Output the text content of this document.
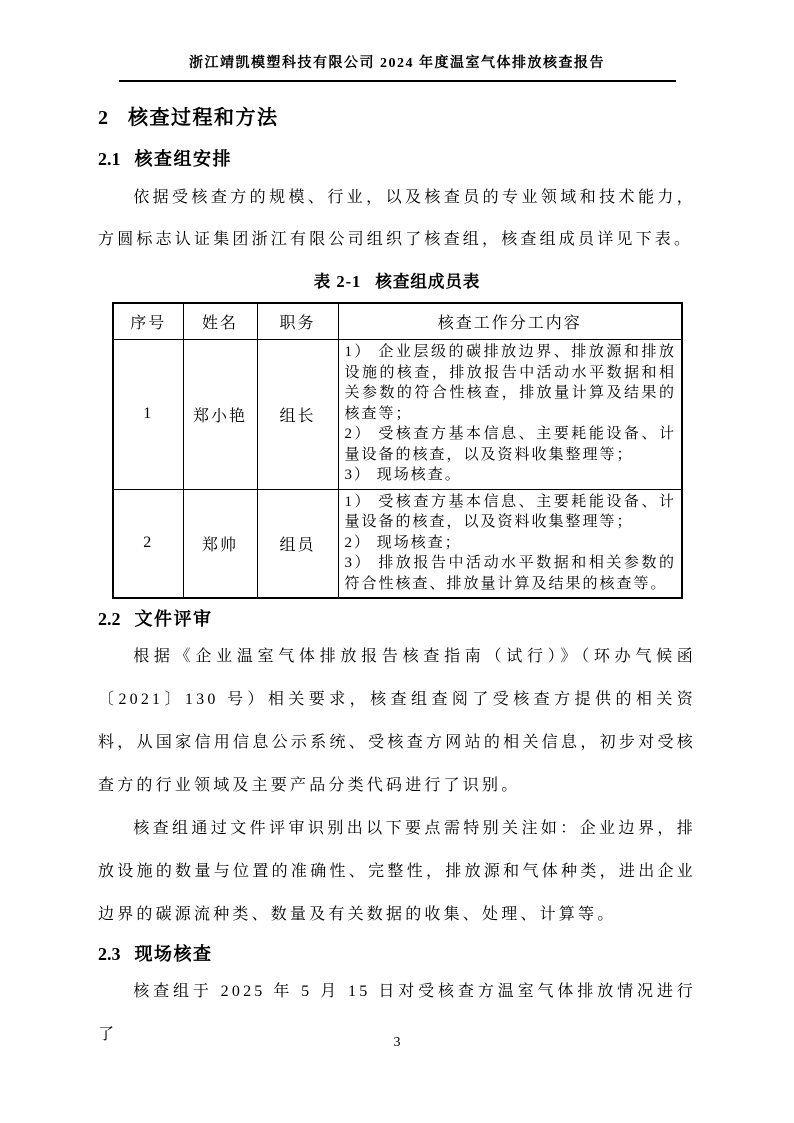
浙江靖凯模塑科技有限公司 2024 年度温室气体排放核查报告
2 核查过程和方法
2.1 核查组安排

依据受核查方的规模、行业，以及核查员的专业领域和技术能力，方圆标志认证集团浙江有限公司组织了核查组，核查组成员详见下表。

表 2-1 核查组成员表
序号	姓名	职务	核查工作分工内容
1	郑小艳	组长	1） 企业层级的碳排放边界、排放源和排放设施的核查，排放报告中活动水平数据和相关参数的符合性核查，排放量计算及结果的核查等；
2） 受核查方基本信息、主要耗能设备、计量设备的核查，以及资料收集整理等；
3） 现场核查。

2	郑帅	组员	1） 受核查方基本信息、主要耗能设备、计量设备的核查，以及资料收集整理等；
2） 现场核查；
3） 排放报告中活动水平数据和相关参数的符合性核查、排放量计算及结果的核查等。
2.2 文件评审

根据《企业温室气体排放报告核查指南（试行）》（环办气候函〔2021〕130 号）相关要求，核查组查阅了受核查方提供的相关资料，从国家信用信息公示系统、受核查方网站的相关信息，初步对受核查方的行业领域及主要产品分类代码进行了识别。

核查组通过文件评审识别出以下要点需特别关注如：企业边界，排放设施的数量与位置的准确性、完整性，排放源和气体种类，进出企业边界的碳源流种类、数量及有关数据的收集、处理、计算等。

2.3 现场核查

核查组于 2025 年 5 月 15 日对受核查方温室气体排放情况进行了	3
